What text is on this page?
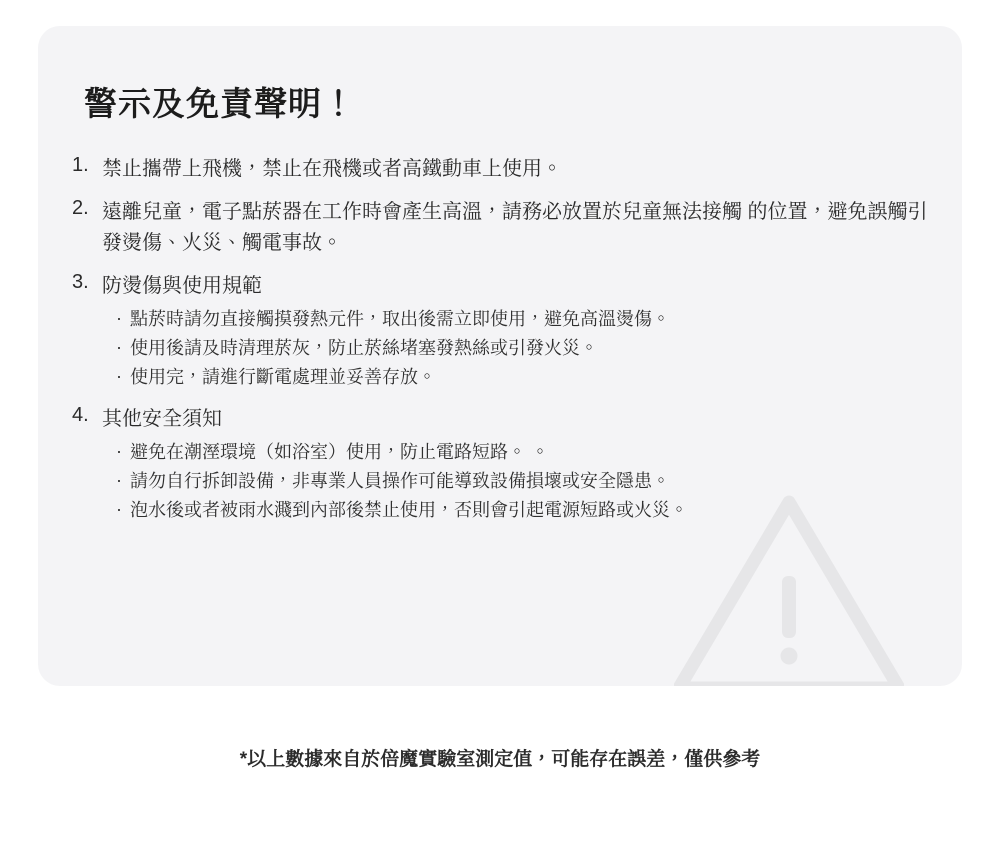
警示及免責聲明！
1. 禁止攜帶上飛機，禁止在飛機或者高鐵動車上使用。
2. 遠離兒童，電子點菸器在工作時會產生高溫，請務必放置於兒童無法接觸 的位置，避免誤觸引發燙傷、火災、觸電事故。
3. 防燙傷與使用規範
· 點菸時請勿直接觸摸發熱元件，取出後需立即使用，避免高溫燙傷。
· 使用後請及時清理菸灰，防止菸絲堵塞發熱絲或引發火災。
· 使用完，請進行斷電處理並妥善存放。
4. 其他安全須知
· 避免在潮溼環境（如浴室）使用，防止電路短路。 。
· 請勿自行拆卸設備，非專業人員操作可能導致設備損壞或安全隱患。
· 泡水後或者被雨水濺到內部後禁止使用，否則會引起電源短路或火災。
*以上數據來自於倍魔實驗室測定值，可能存在誤差，僅供參考
